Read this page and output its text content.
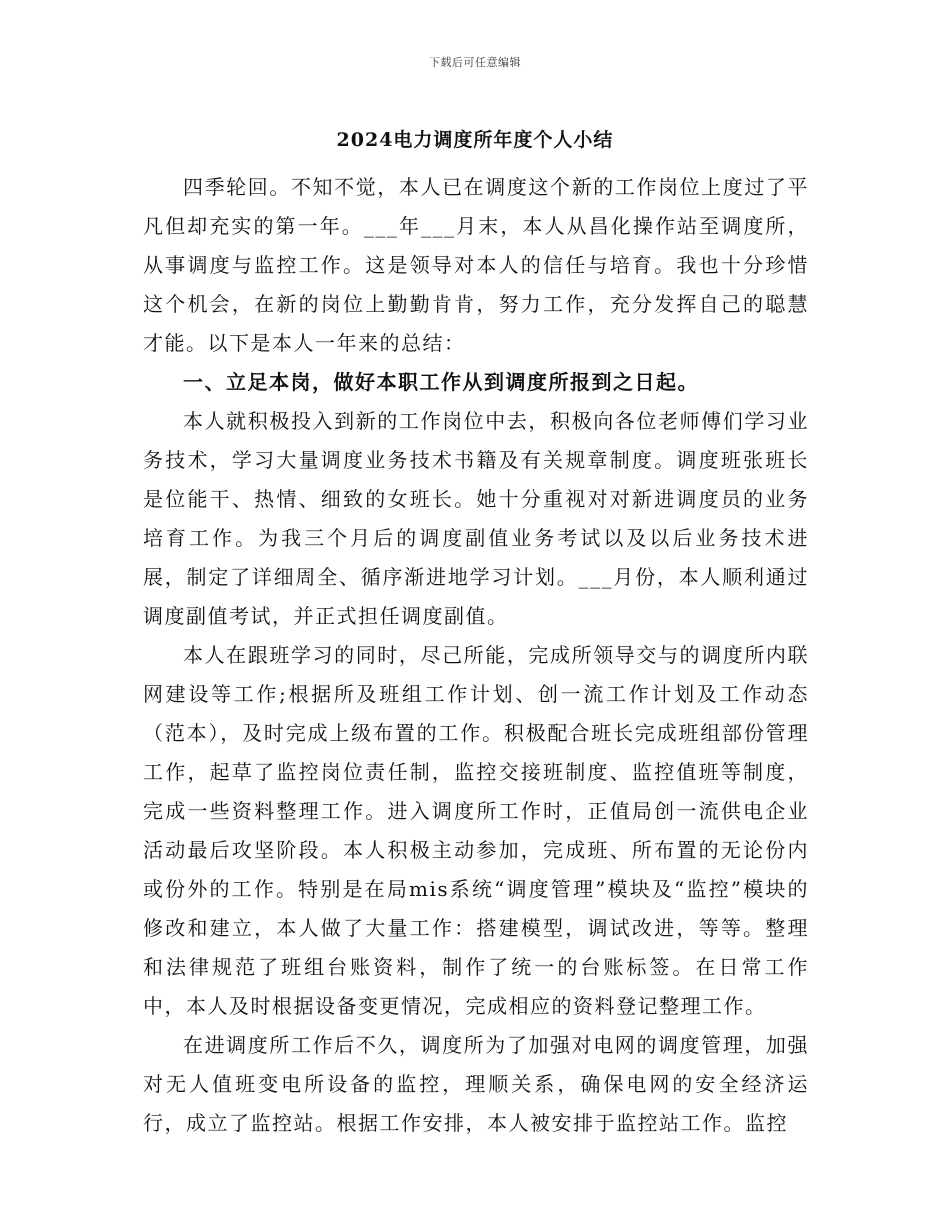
下载后可任意编辑
2024电力调度所年度个人小结

四季轮回。不知不觉，本人已在调度这个新的工作岗位上度过了平凡但却充实的第一年。___年___月末，本人从昌化操作站至调度所，从事调度与监控工作。这是领导对本人的信任与培育。我也十分珍惜这个机会，在新的岗位上勤勤肯肯，努力工作，充分发挥自己的聪慧才能。以下是本人一年来的总结：

一、立足本岗，做好本职工作从到调度所报到之日起。

本人就积极投入到新的工作岗位中去，积极向各位老师傅们学习业务技术，学习大量调度业务技术书籍及有关规章制度。调度班张班长是位能干、热情、细致的女班长。她十分重视对对新进调度员的业务培育工作。为我三个月后的调度副值业务考试以及以后业务技术进展，制定了详细周全、循序渐进地学习计划。___月份，本人顺利通过调度副值考试，并正式担任调度副值。

本人在跟班学习的同时，尽己所能，完成所领导交与的调度所内联网建设等工作;根据所及班组工作计划、创一流工作计划及工作动态（范本），及时完成上级布置的工作。积极配合班长完成班组部份管理工作，起草了监控岗位责任制，监控交接班制度、监控值班等制度，完成一些资料整理工作。进入调度所工作时，正值局创一流供电企业活动最后攻坚阶段。本人积极主动参加，完成班、所布置的无论份内或份外的工作。特别是在局mis系统“调度管理”模块及“监控”模块的修改和建立，本人做了大量工作：搭建模型，调试改进，等等。整理和法律规范了班组台账资料，制作了统一的台账标签。在日常工作中，本人及时根据设备变更情况，完成相应的资料登记整理工作。

在进调度所工作后不久，调度所为了加强对电网的调度管理，加强对无人值班变电所设备的监控，理顺关系，确保电网的安全经济运行，成立了监控站。根据工作安排，本人被安排于监控站工作。监控
